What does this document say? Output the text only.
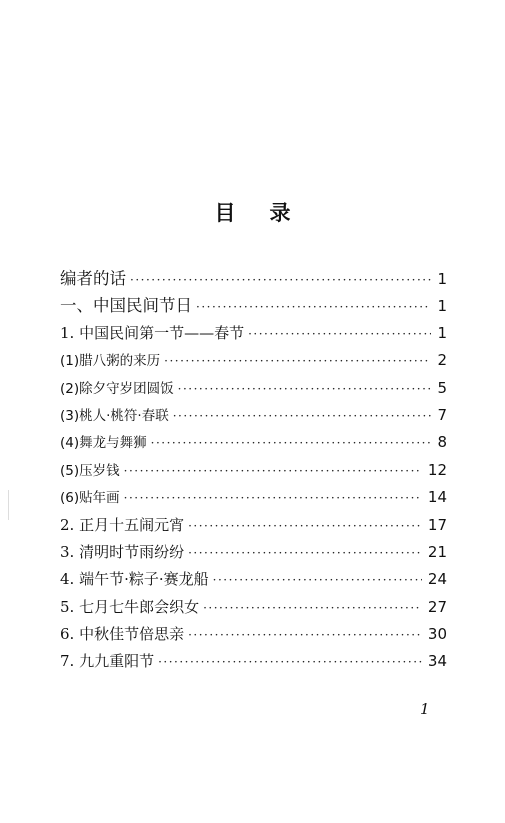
目录
编者的话 ·····	1
一、中国民间节日 ·····	1
1. 中国民间第一节——春节 ·····	1
(1)腊八粥的来历 ·····	2
(2)除夕守岁团圆饭 ·····	5
(3)桃人·桃符·春联 ·····	7
(4)舞龙与舞狮 ·····	8
(5)压岁钱 ·····	12
(6)贴年画 ·····	14
2. 正月十五闹元宵 ·····	17
3. 清明时节雨纷纷 ·····	21
4. 端午节·粽子·赛龙船 ·····	24
5. 七月七牛郎会织女 ·····	27
6. 中秋佳节倍思亲 ·····	30
7. 九九重阳节 ·····	34
1
